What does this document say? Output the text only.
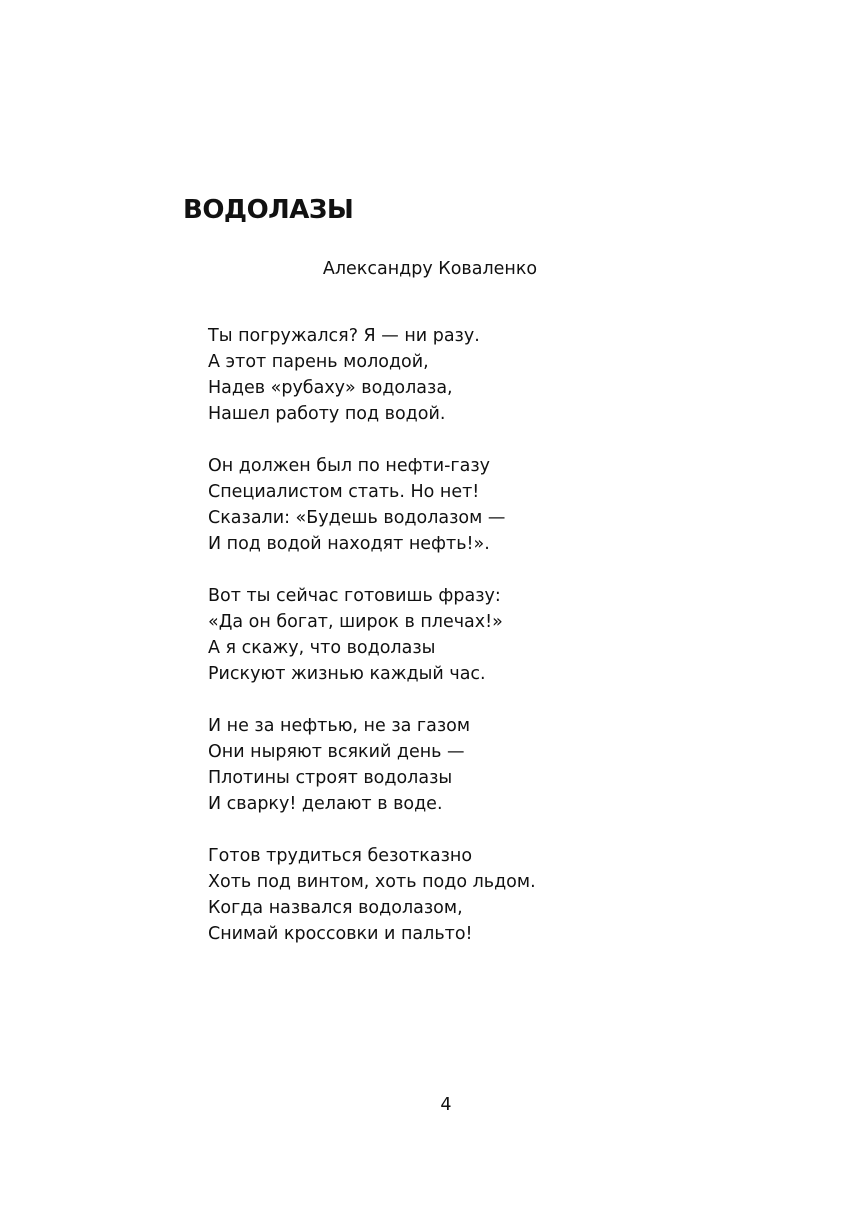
ВОДОЛАЗЫ
Александру Коваленко
Ты погружался? Я — ни разу.
А этот парень молодой,
Надев «рубаху» водолаза,
Нашел работу под водой.
Он должен был по нефти-газу
Специалистом стать. Но нет!
Сказали: «Будешь водолазом —
И под водой находят нефть!».
Вот ты сейчас готовишь фразу:
«Да он богат, широк в плечах!»
А я скажу, что водолазы
Рискуют жизнью каждый час.
И не за нефтью, не за газом
Они ныряют всякий день —
Плотины строят водолазы
И сварку! делают в воде.
Готов трудиться безотказно
Хоть под винтом, хоть подо льдом.
Когда назвался водолазом,
Снимай кроссовки и пальто!
4
